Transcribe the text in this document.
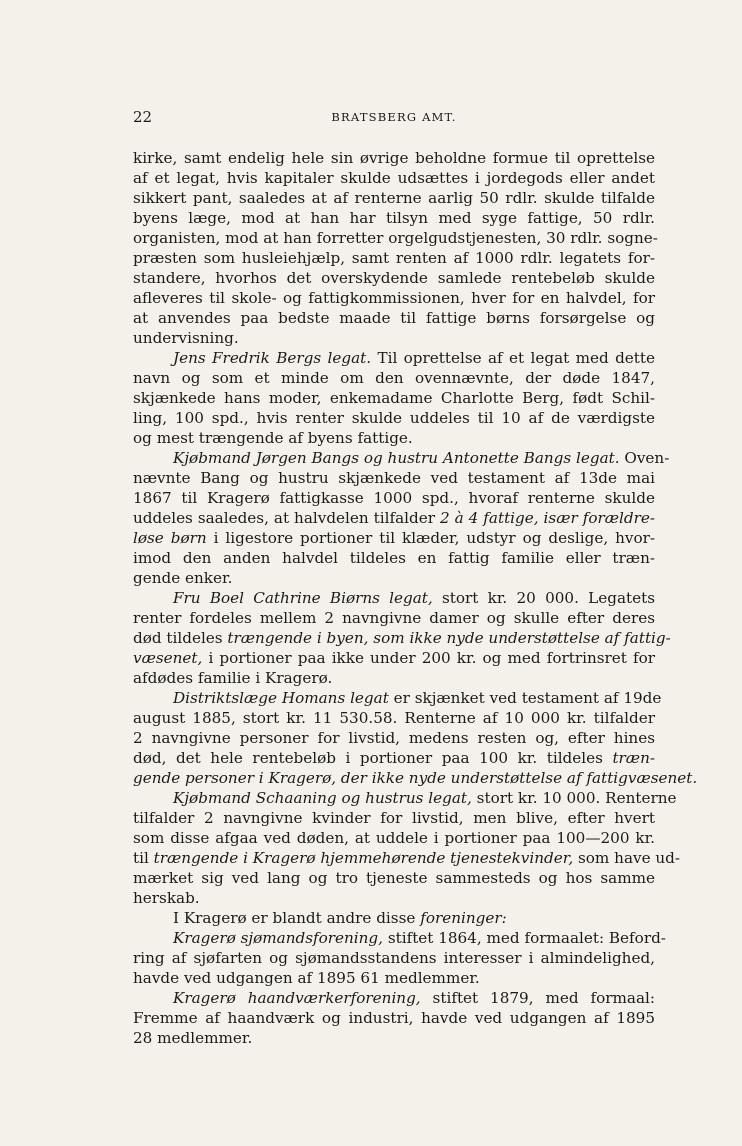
22	BRATSBERG AMT.
kirke, samt endelig hele sin øvrige beholdne formue til oprettelse
af et legat, hvis kapitaler skulde udsættes i jordegods eller andet
sikkert pant, saaledes at af renterne aarlig 50 rdlr. skulde tilfalde
byens læge, mod at han har tilsyn med syge fattige, 50 rdlr.
organisten, mod at han forretter orgelgudstjenesten, 30 rdlr. sogne-
præsten som husleiehjælp, samt renten af 1000 rdlr. legatets for-
standere, hvorhos det overskydende samlede rentebeløb skulde
afleveres til skole- og fattigkommissionen, hver for en halvdel, for
at anvendes paa bedste maade til fattige børns forsørgelse og
undervisning.
Jens Fredrik Bergs legat. Til oprettelse af et legat med dette
navn og som et minde om den ovennævnte, der døde 1847,
skjænkede hans moder, enkemadame Charlotte Berg, født Schil-
ling, 100 spd., hvis renter skulde uddeles til 10 af de værdigste
og mest trængende af byens fattige.
Kjøbmand Jørgen Bangs og hustru Antonette Bangs legat. Oven-
nævnte Bang og hustru skjænkede ved testament af 13de mai
1867 til Kragerø fattigkasse 1000 spd., hvoraf renterne skulde
uddeles saaledes, at halvdelen tilfalder 2 à 4 fattige, især forældre-
løse børn i ligestore portioner til klæder, udstyr og deslige, hvor-
imod den anden halvdel tildeles en fattig familie eller træn-
gende enker.
Fru Boel Cathrine Biørns legat, stort kr. 20 000. Legatets
renter fordeles mellem 2 navngivne damer og skulle efter deres
død tildeles trængende i byen, som ikke nyde understøttelse af fattig-
væsenet, i portioner paa ikke under 200 kr. og med fortrinsret for
afdødes familie i Kragerø.
Distriktslæge Homans legat er skjænket ved testament af 19de
august 1885, stort kr. 11 530.58. Renterne af 10 000 kr. tilfalder
2 navngivne personer for livstid, medens resten og, efter hines
død, det hele rentebeløb i portioner paa 100 kr. tildeles træn-
gende personer i Kragerø, der ikke nyde understøttelse af fattigvæsenet.
Kjøbmand Schaaning og hustrus legat, stort kr. 10 000. Renterne
tilfalder 2 navngivne kvinder for livstid, men blive, efter hvert
som disse afgaa ved døden, at uddele i portioner paa 100—200 kr.
til trængende i Kragerø hjemmehørende tjenestekvinder, som have ud-
mærket sig ved lang og tro tjeneste sammesteds og hos samme
herskab.
I Kragerø er blandt andre disse foreninger:
Kragerø sjømandsforening, stiftet 1864, med formaalet: Beford-
ring af sjøfarten og sjømandsstandens interesser i almindelighed,
havde ved udgangen af 1895 61 medlemmer.
Kragerø haandværkerforening, stiftet 1879, med formaal:
Fremme af haandværk og industri, havde ved udgangen af 1895
28 medlemmer.
